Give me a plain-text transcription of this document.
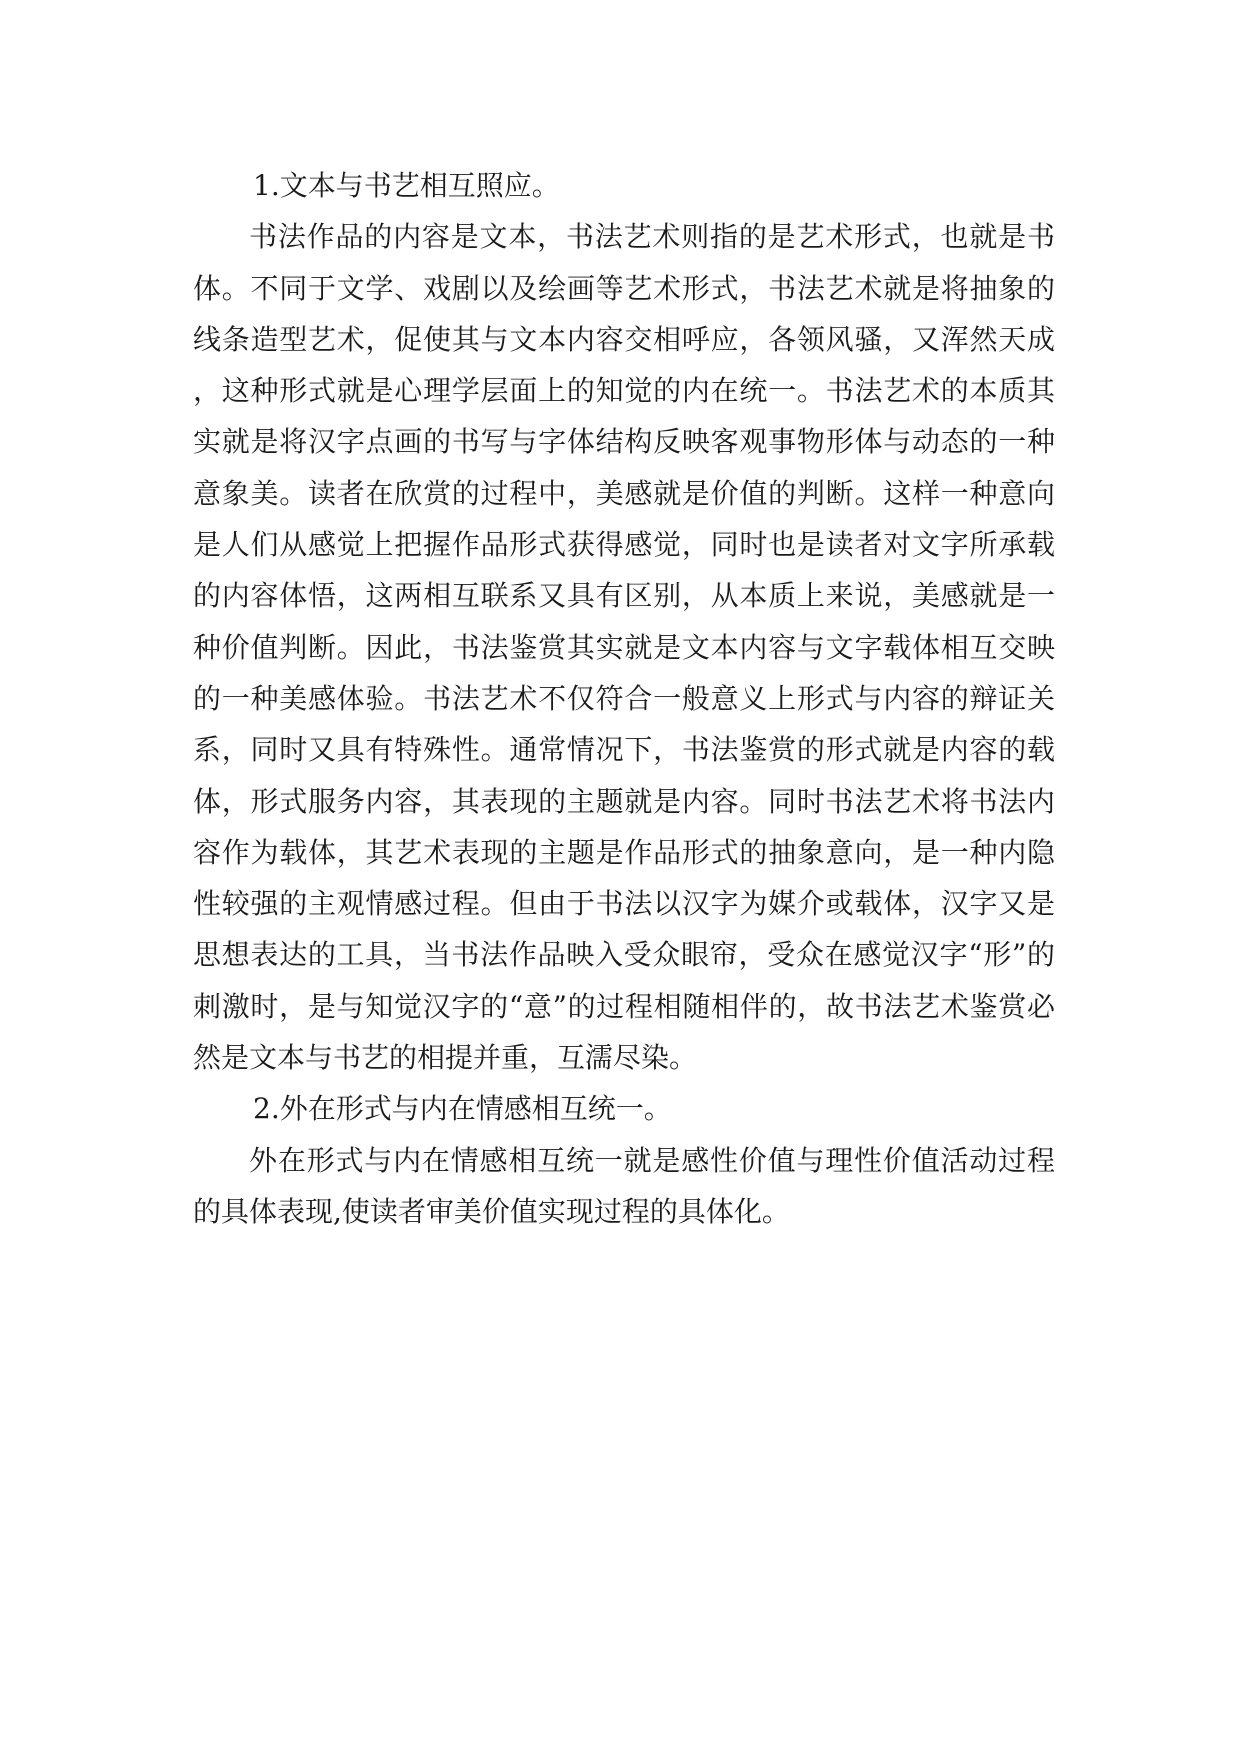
1.文本与书艺相互照应。

书法作品的内容是文本，书法艺术则指的是艺术形式，也就是书体。不同于文学、戏剧以及绘画等艺术形式，书法艺术就是将抽象的线条造型艺术，促使其与文本内容交相呼应，各领风骚，又浑然天成，这种形式就是心理学层面上的知觉的内在统一。书法艺术的本质其实就是将汉字点画的书写与字体结构反映客观事物形体与动态的一种意象美。读者在欣赏的过程中，美感就是价值的判断。这样一种意向是人们从感觉上把握作品形式获得感觉，同时也是读者对文字所承载的内容体悟，这两相互联系又具有区别，从本质上来说，美感就是一种价值判断。因此，书法鉴赏其实就是文本内容与文字载体相互交映的一种美感体验。书法艺术不仅符合一般意义上形式与内容的辩证关系，同时又具有特殊性。通常情况下，书法鉴赏的形式就是内容的载体，形式服务内容，其表现的主题就是内容。同时书法艺术将书法内容作为载体，其艺术表现的主题是作品形式的抽象意向，是一种内隐性较强的主观情感过程。但由于书法以汉字为媒介或载体，汉字又是思想表达的工具，当书法作品映入受众眼帘，受众在感觉汉字“形”的刺激时，是与知觉汉字的“意”的过程相随相伴的，故书法艺术鉴赏必然是文本与书艺的相提并重，互濡尽染。

2.外在形式与内在情感相互统一。

外在形式与内在情感相互统一就是感性价值与理性价值活动过程的具体表现,使读者审美价值实现过程的具体化。
